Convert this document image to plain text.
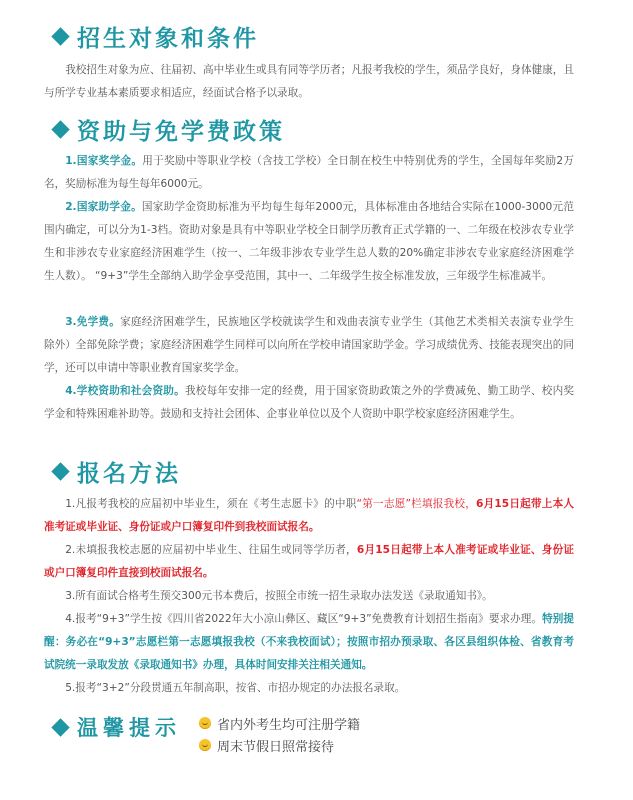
招生对象和条件
我校招生对象为应、往届初、高中毕业生或具有同等学历者；凡报考我校的学生，须品学良好，身体健康，且与所学专业基本素质要求相适应，经面试合格予以录取。
资助与免学费政策
1.国家奖学金。用于奖励中等职业学校（含技工学校）全日制在校生中特别优秀的学生，全国每年奖励2万名，奖励标准为每生每年6000元。
2.国家助学金。国家助学金资助标准为平均每生每年2000元，具体标准由各地结合实际在1000-3000元范围内确定，可以分为1-3档。资助对象是具有中等职业学校全日制学历教育正式学籍的一、二年级在校涉农专业学生和非涉农专业家庭经济困难学生（按一、二年级非涉农专业学生总人数的20%确定非涉农专业家庭经济困难学生人数）。 “9+3”学生全部纳入助学金享受范围，其中一、二年级学生按全标准发放，三年级学生标准减半。
3.免学费。家庭经济困难学生，民族地区学校就读学生和戏曲表演专业学生（其他艺术类相关表演专业学生除外）全部免除学费；家庭经济困难学生同样可以向所在学校申请国家助学金。学习成绩优秀、技能表现突出的同学，还可以申请中等职业教育国家奖学金。
4.学校资助和社会资助。我校每年安排一定的经费，用于国家资助政策之外的学费减免、勤工助学、校内奖学金和特殊困难补助等。鼓励和支持社会团体、企事业单位以及个人资助中职学校家庭经济困难学生。
报名方法
1.凡报考我校的应届初中毕业生，须在《考生志愿卡》的中职“第一志愿”栏填报我校，6月15日起带上本人准考证或毕业证、身份证或户口簿复印件到我校面试报名。
2.未填报我校志愿的应届初中毕业生、往届生或同等学历者，6月15日起带上本人准考证或毕业证、身份证或户口簿复印件直接到校面试报名。
3.所有面试合格考生预交300元书本费后，按照全市统一招生录取办法发送《录取通知书》。
4.报考“9+3”学生按《四川省2022年大小凉山彝区、藏区“9+3”免费教育计划招生指南》要求办理。特别提醒：务必在“9+3”志愿栏第一志愿填报我校（不来我校面试）；按照市招办预录取、各区县组织体检、省教育考试院统一录取发放《录取通知书》办理，具体时间安排关注相关通知。
5.报考“3+2”分段贯通五年制高职，按省、市招办规定的办法报名录取。
温馨提示	省内外考生均可注册学籍
周末节假日照常接待
